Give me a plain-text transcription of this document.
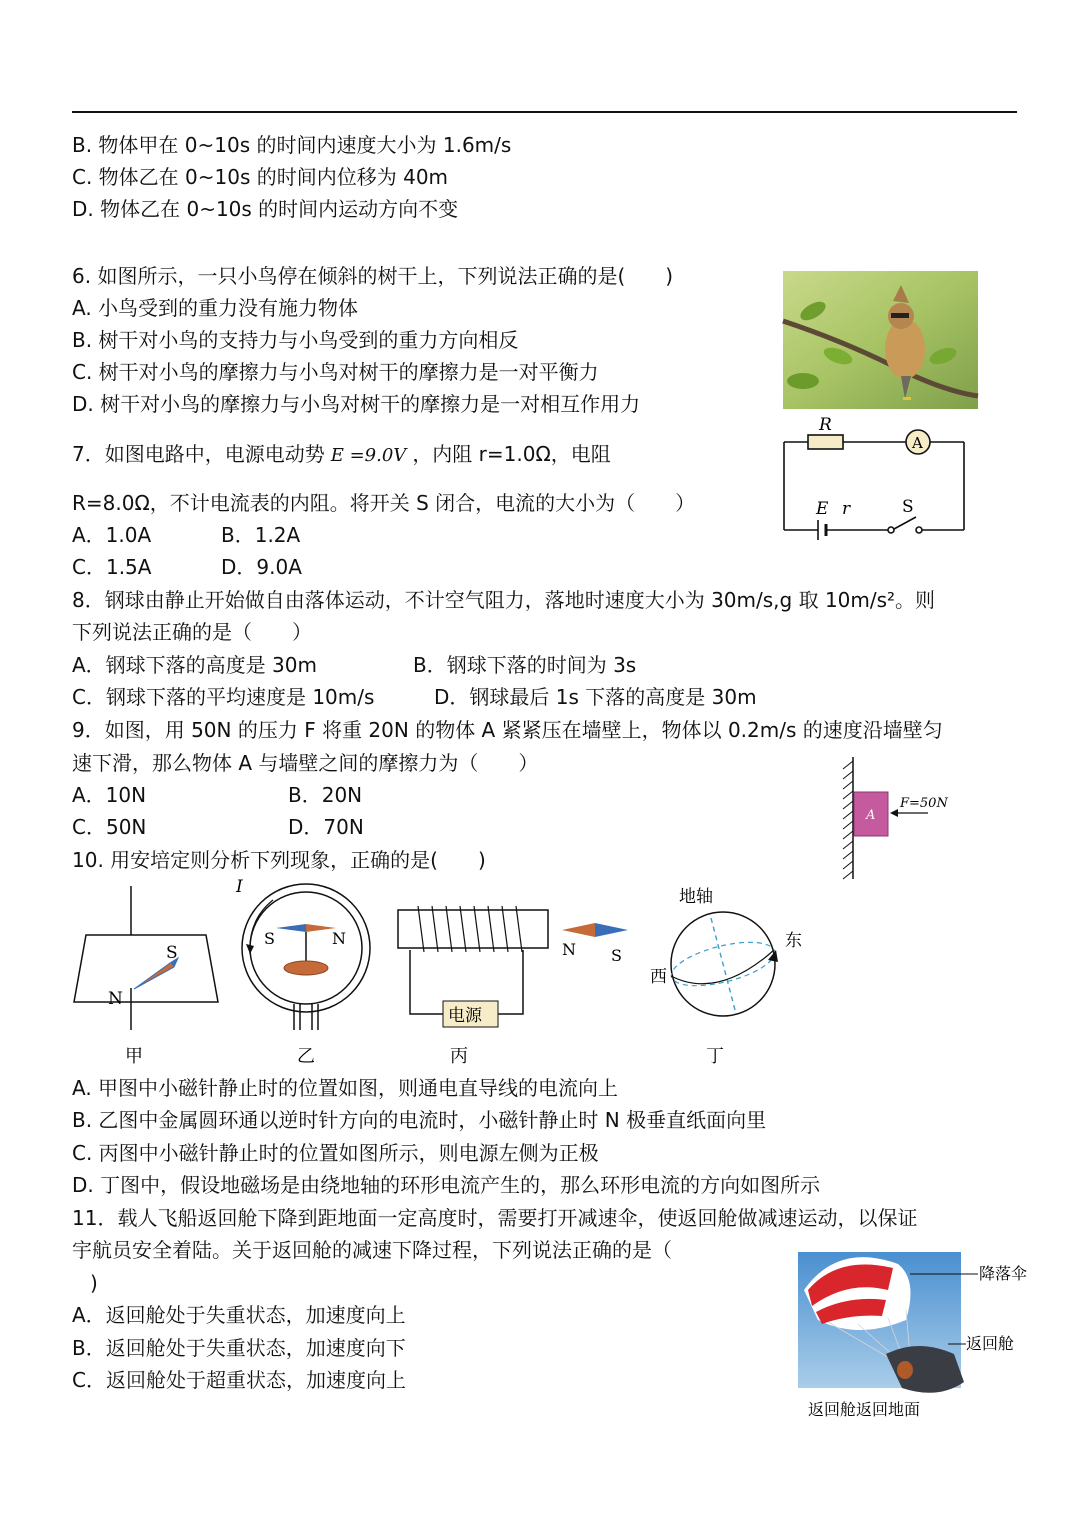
B. 物体甲在 0~10s 的时间内速度大小为 1.6m/s
C. 物体乙在 0~10s 的时间内位移为 40m
D. 物体乙在 0~10s 的时间内运动方向不变
6. 如图所示，一只小鸟停在倾斜的树干上，下列说法正确的是(　　)
A. 小鸟受到的重力没有施力物体
B. 树干对小鸟的支持力与小鸟受到的重力方向相反
C. 树干对小鸟的摩擦力与小鸟对树干的摩擦力是一对平衡力
D. 树干对小鸟的摩擦力与小鸟对树干的摩擦力是一对相互作用力
7．如图电路中，电源电动势 E =9.0V ，内阻 r=1.0Ω，电阻
R=8.0Ω，不计电流表的内阻。将开关 S 闭合，电流的大小为（　　）
A．1.0A	B．1.2A
C．1.5A	D．9.0A
R
A
E r	S
8．钢球由静止开始做自由落体运动，不计空气阻力，落地时速度大小为 30m/s,g 取 10m/s²。则
下列说法正确的是（　　）
A．钢球下落的高度是 30m	B．钢球下落的时间为 3s
C．钢球下落的平均速度是 10m/s	D．钢球最后 1s 下落的高度是 30m
9．如图，用 50N 的压力 F 将重 20N 的物体 A 紧紧压在墙壁上，物体以 0.2m/s 的速度沿墙壁匀
速下滑，那么物体 A 与墙壁之间的摩擦力为（　　）
A．10N	B．20N
C．50N	D．70N	A
F=50N
10. 用安培定则分析下列现象，正确的是(　　)
S
N
甲
I
S	N
乙
电源
N S
丙
地轴
东
西
丁
A. 甲图中小磁针静止时的位置如图，则通电直导线的电流向上
B. 乙图中金属圆环通以逆时针方向的电流时，小磁针静止时 N 极垂直纸面向里
C. 丙图中小磁针静止时的位置如图所示，则电源左侧为正极
D. 丁图中，假设地磁场是由绕地轴的环形电流产生的，那么环形电流的方向如图所示
11．载人飞船返回舱下降到距地面一定高度时，需要打开减速伞，使返回舱做减速运动，以保证
宇航员安全着陆。关于返回舱的减速下降过程，下列说法正确的是（
)
A．返回舱处于失重状态，加速度向上
B．返回舱处于失重状态，加速度向下
C．返回舱处于超重状态，加速度向上
降落伞
返回舱
返回舱返回地面
